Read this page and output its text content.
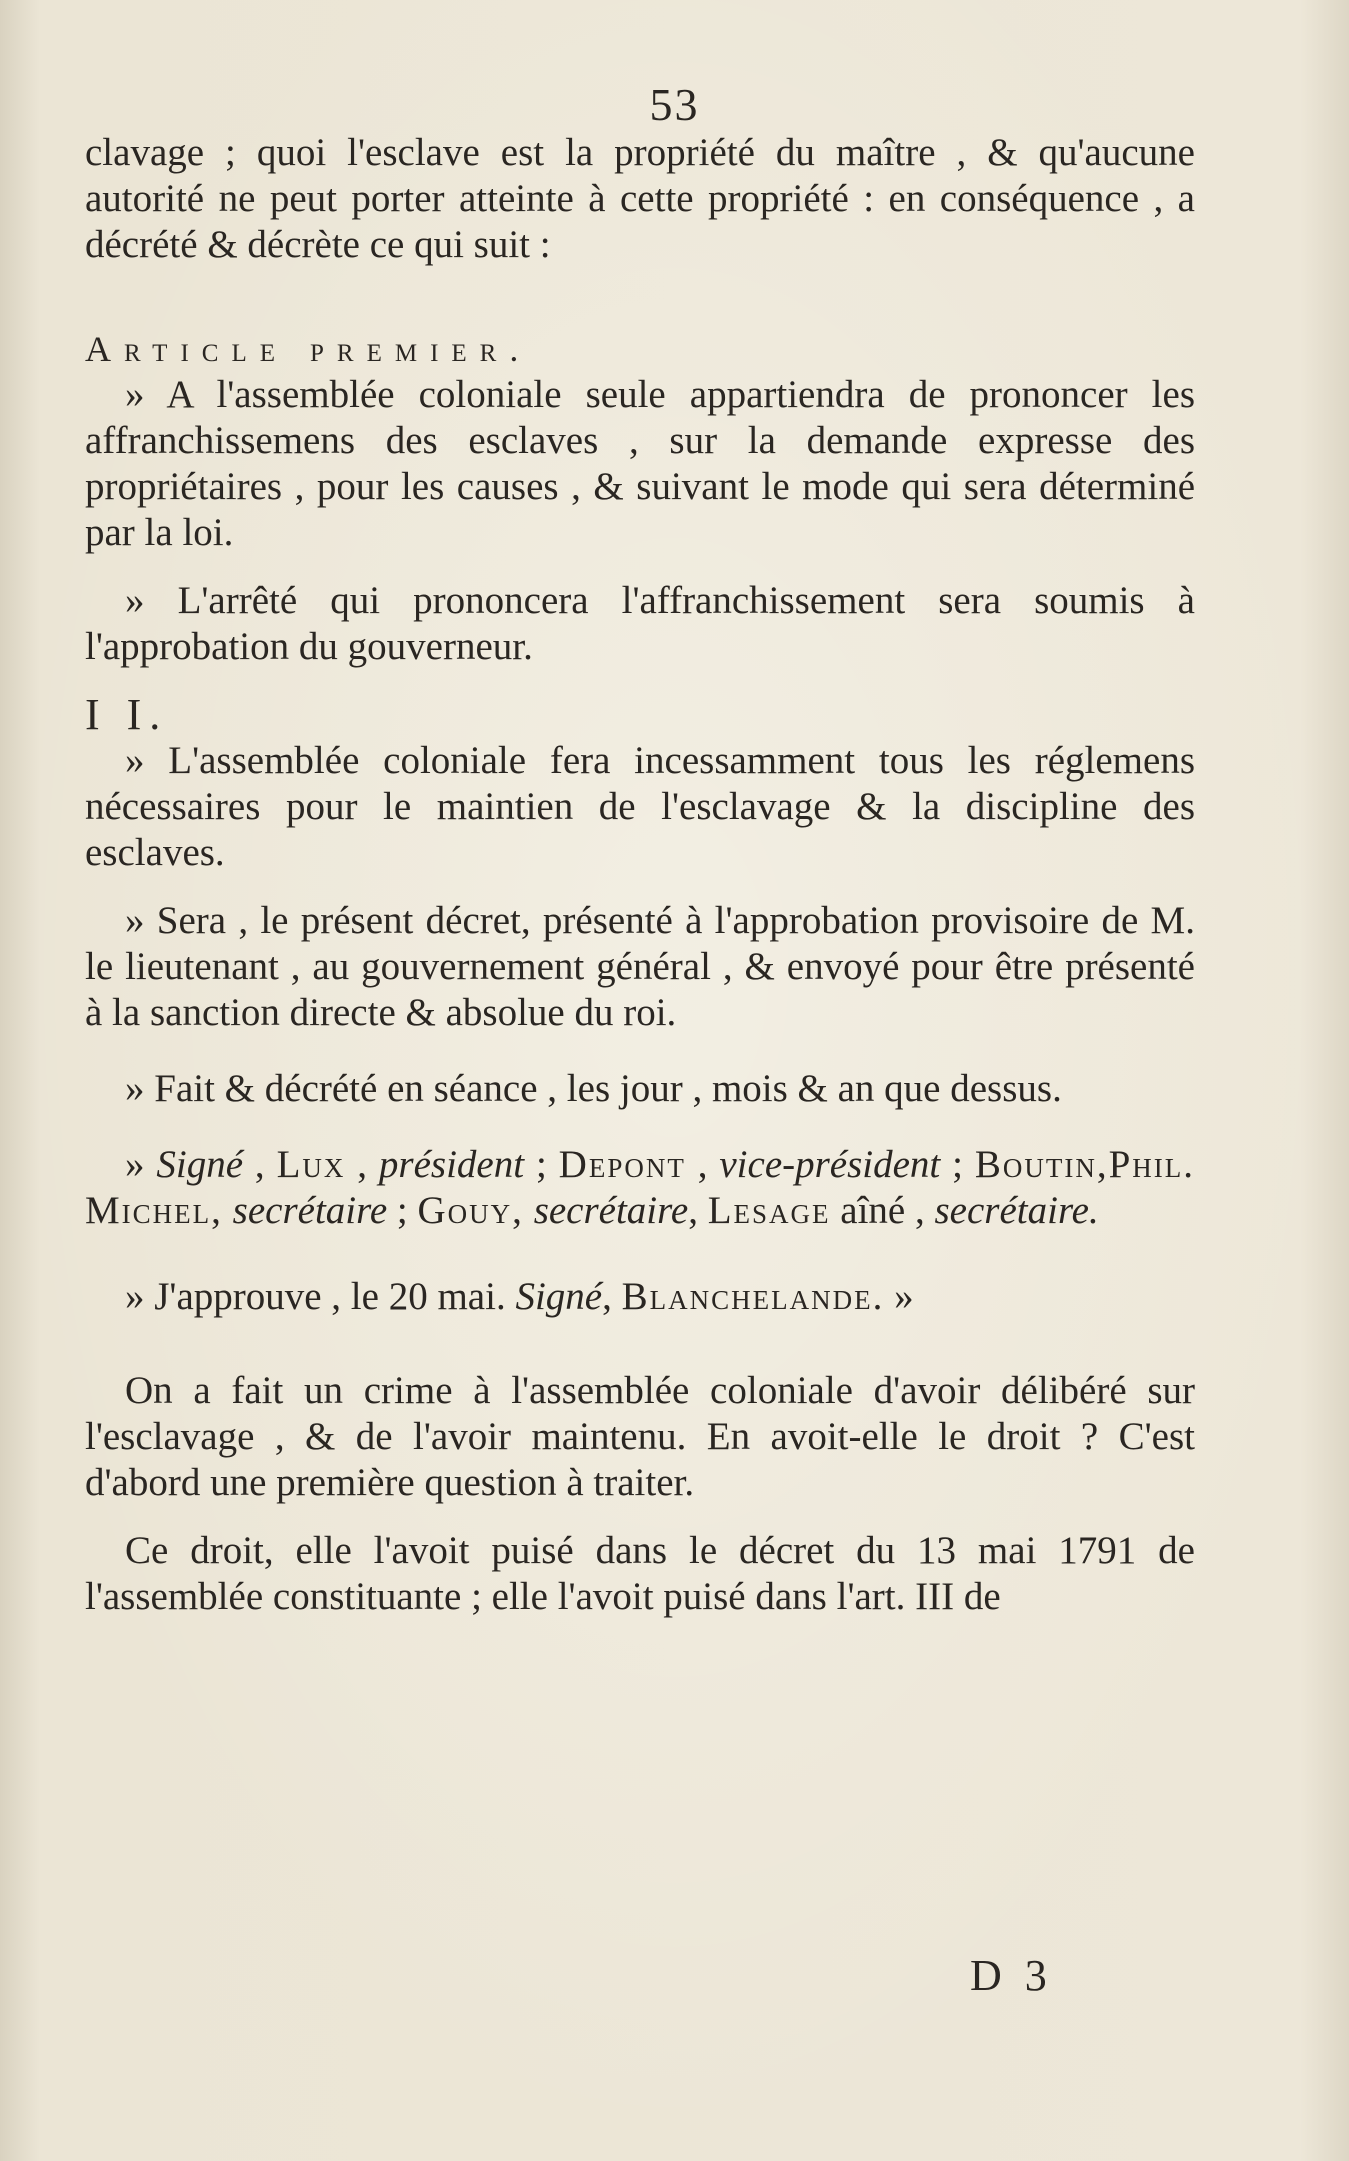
53

clavage ; quoi l'esclave est la propriété du maître , & qu'aucune autorité ne peut porter atteinte à cette propriété : en conséquence , a décrété & décrète ce qui suit :

Article premier.

» A l'assemblée coloniale seule appartiendra de prononcer les affranchissemens des esclaves , sur la demande expresse des propriétaires , pour les causes , & suivant le mode qui sera déterminé par la loi.

» L'arrêté qui prononcera l'affranchissement sera soumis à l'approbation du gouverneur.

I I.

» L'assemblée coloniale fera incessamment tous les réglemens nécessaires pour le maintien de l'esclavage & la discipline des esclaves.

» Sera , le présent décret, présenté à l'approbation provisoire de M. le lieutenant , au gouvernement général , & envoyé pour être présenté à la sanction directe & absolue du roi.

» Fait & décrété en séance , les jour , mois & an que dessus.

» Signé , Lux , président ; Depont , vice-président ; Boutin,Phil. Michel, secrétaire ; Gouy, secrétaire, Lesage aîné , secrétaire.

» J'approuve , le 20 mai. Signé, Blanchelande. »

On a fait un crime à l'assemblée coloniale d'avoir délibéré sur l'esclavage , & de l'avoir maintenu. En avoit-elle le droit ? C'est d'abord une première question à traiter.

Ce droit, elle l'avoit puisé dans le décret du 13 mai 1791 de l'assemblée constituante ; elle l'avoit puisé dans l'art. III de

D 3
